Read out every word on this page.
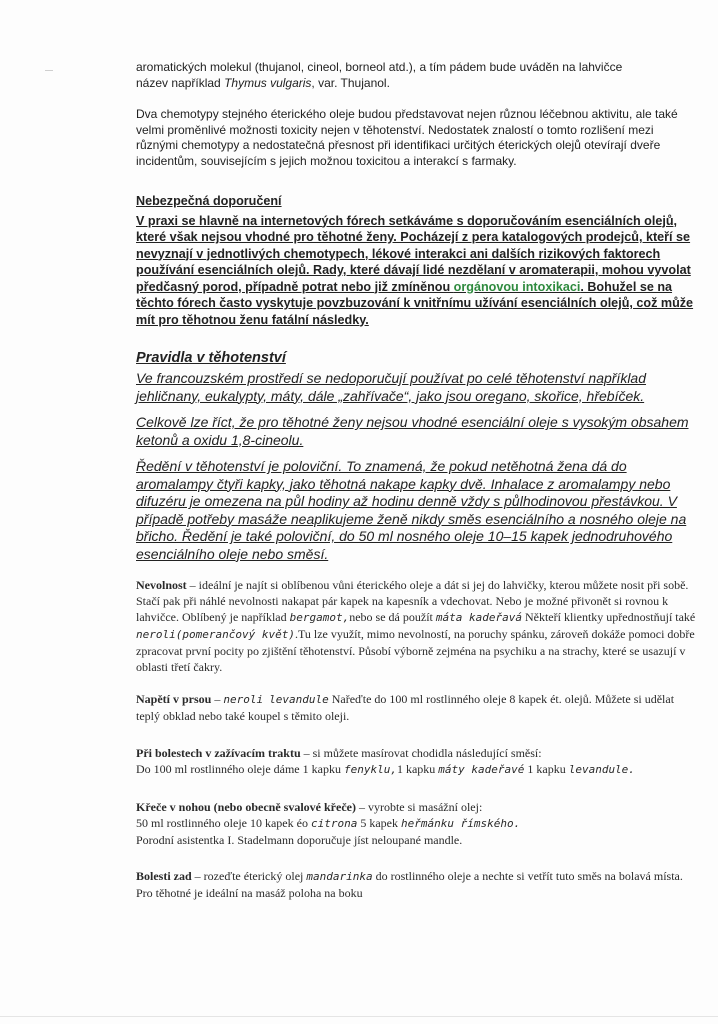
aromatických molekul (thujanol, cineol, borneol atd.), a tím pádem bude uváděn na lahvičce

název například Thymus vulgaris, var. Thujanol.

Dva chemotypy stejného éterického oleje budou představovat nejen různou léčebnou aktivitu, ale také velmi proměnlivé možnosti toxicity nejen v těhotenství. Nedostatek znalostí o tomto rozlišení mezi různými chemotypy a nedostatečná přesnost při identifikaci určitých éterických olejů otevírají dveře incidentům, souvisejícím s jejich možnou toxicitou a interakcí s farmaky.

Nebezpečná doporučení

V praxi se hlavně na internetových fórech setkáváme s doporučováním esenciálních olejů, které však nejsou vhodné pro těhotné ženy. Pocházejí z pera katalogových prodejců, kteří se nevyznají v jednotlivých chemotypech, lékové interakci ani dalších rizikových faktorech používání esenciálních olejů. Rady, které dávají lidé nezdělaní v aromaterapii, mohou vyvolat předčasný porod, případně potrat nebo již zmíněnou orgánovou intoxikaci. Bohužel se na těchto fórech často vyskytuje povzbuzování k vnitřnímu užívání esenciálních olejů, což může mít pro těhotnou ženu fatální následky.

Pravidla v těhotenství

Ve francouzském prostředí se nedoporučují používat po celé těhotenství například jehličnany, eukalypty, máty, dále „zahřívače“, jako jsou oregano, skořice, hřebíček.

Celkově lze říct, že pro těhotné ženy nejsou vhodné esenciální oleje s vysokým obsahem ketonů a oxidu 1,8-cineolu.

Ředění v těhotenství je poloviční. To znamená, že pokud netěhotná žena dá do aromalampy čtyři kapky, jako těhotná nakape kapky dvě. Inhalace z aromalampy nebo difuzéru je omezena na půl hodiny až hodinu denně vždy s půlhodinovou přestávkou. V případě potřeby masáže neaplikujeme ženě nikdy směs esenciálního a nosného oleje na břicho. Ředění je také poloviční, do 50 ml nosného oleje 10–15 kapek jednodruhového esenciálního oleje nebo směsí.

Nevolnost – ideální je najít si oblíbenou vůni éterického oleje a dát si jej do lahvičky, kterou můžete nosit při sobě. Stačí pak při náhlé nevolnosti nakapat pár kapek na kapesník a vdechovat. Nebo je možné přivonět si rovnou k lahvičce. Oblíbený je například bergamot,nebo se dá použít máta kadeřavá Někteří klientky upřednostňují také neroli(pomerančový květ).Tu lze využít, mimo nevolností, na poruchy spánku, zároveň dokáže pomoci dobře zpracovat první pocity po zjištění těhotenství. Působí výborně zejména na psychiku a na strachy, které se usazují v oblasti třetí čakry.
Napětí v prsou – neroli levandule Nařeďte do 100 ml rostlinného oleje 8 kapek ét. olejů. Můžete si udělat teplý obklad nebo také koupel s těmito oleji.

Při bolestech v zažívacím traktu – si můžete masírovat chodidla následující směsí:

Do 100 ml rostlinného oleje dáme 1 kapku fenyklu,1 kapku máty kadeřavé 1 kapku levandule.

Křeče v nohou (nebo obecně svalové křeče) – vyrobte si masážní olej:

50 ml rostlinného oleje 10 kapek éo citrona 5 kapek heřmánku římského.

Porodní asistentka I. Stadelmann doporučuje jíst neloupané mandle.

Bolesti zad – rozeďte éterický olej mandarinka do rostlinného oleje a nechte si vetřít tuto směs na bolavá místa. Pro těhotné je ideální na masáž poloha na boku
